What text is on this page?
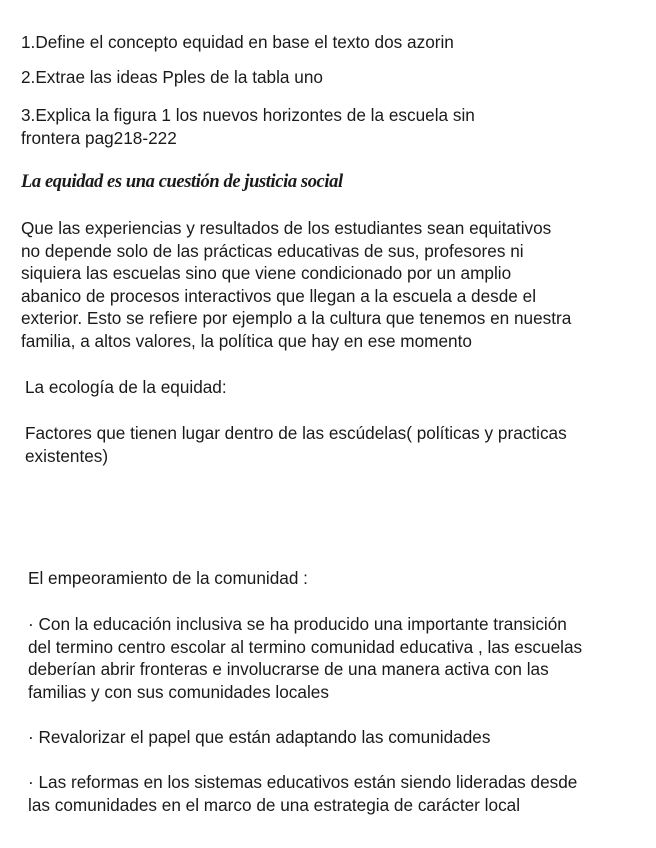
1.Define el concepto equidad en base el texto dos azorin

2.Extrae las ideas Pples de la tabla uno

3.Explica la figura 1 los nuevos horizontes de la escuela sin
frontera pag218-222

La equidad es una cuestión de justicia social

Que las experiencias y resultados de los estudiantes sean equitativos
no depende solo de las prácticas educativas de sus, profesores ni
siquiera las escuelas sino que viene condicionado por un amplio
abanico de procesos interactivos que llegan a la escuela a desde el
exterior. Esto se refiere por ejemplo a la cultura que tenemos en nuestra
familia, a altos valores, la política que hay en ese momento

La ecología de la equidad:

Factores que tienen lugar dentro de las escúdelas( políticas y practicas
existentes)

El empeoramiento de la comunidad :

· Con la educación inclusiva se ha producido una importante transición
del termino centro escolar al termino comunidad educativa , las escuelas
deberían abrir fronteras e involucrarse de una manera activa con las
familias y con sus comunidades locales

· Revalorizar el papel que están adaptando las comunidades

· Las reformas en los sistemas educativos están siendo lideradas desde
las comunidades en el marco de una estrategia de carácter local
